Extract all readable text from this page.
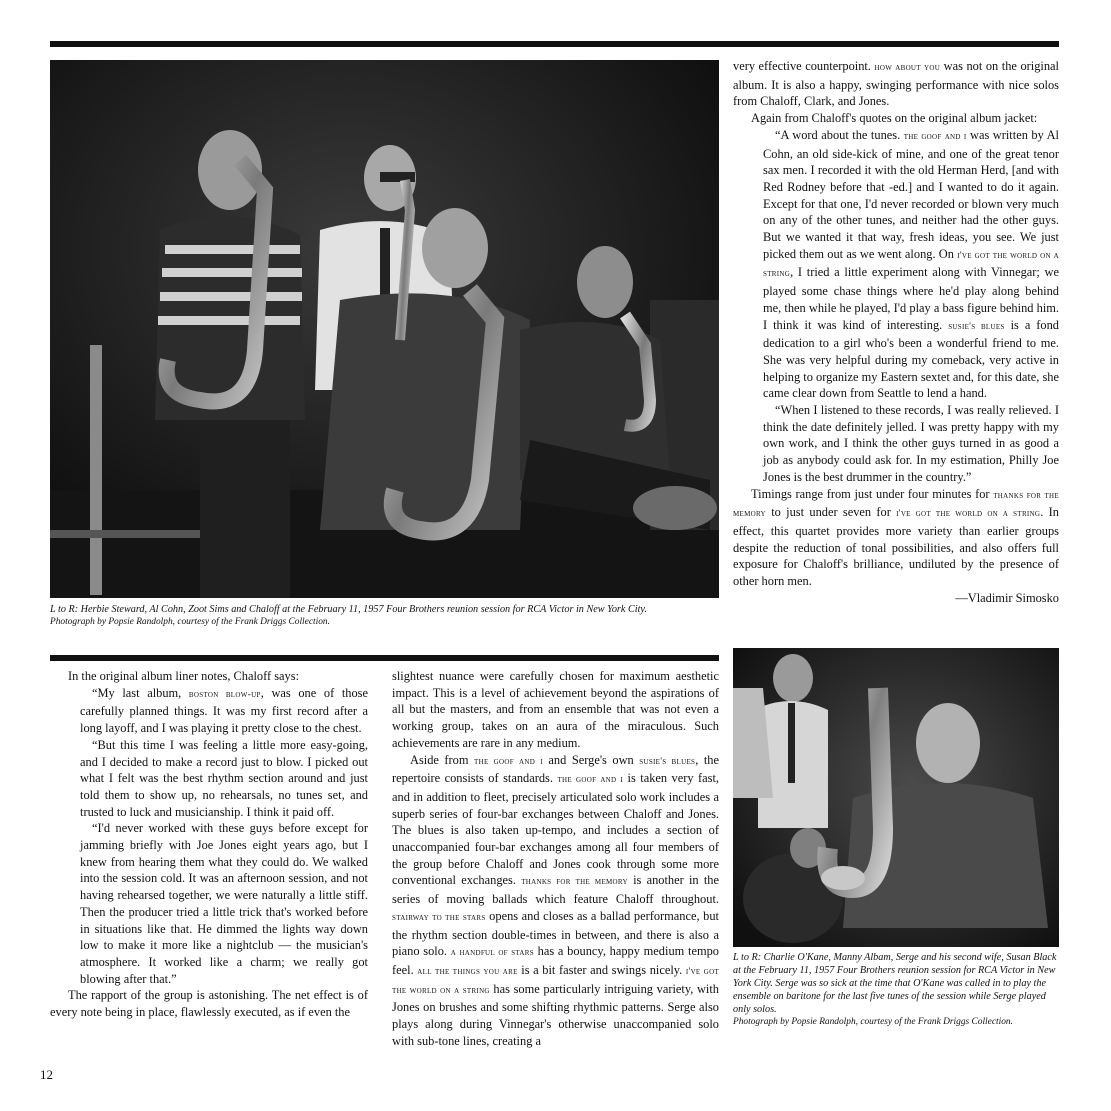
L to R: Herbie Steward, Al Cohn, Zoot Sims and Chaloff at the February 11, 1957 Four Brothers reunion session for RCA Victor in New York City.
Photograph by Popsie Randolph, courtesy of the Frank Driggs Collection.

very effective counterpoint. how about you was not on the original album. It is also a happy, swinging performance with nice solos from Chaloff, Clark, and Jones.

Again from Chaloff's quotes on the original album jacket:

“A word about the tunes. the goof and i was written by Al Cohn, an old side-kick of mine, and one of the great tenor sax men. I recorded it with the old Herman Herd, [and with Red Rodney before that -ed.] and I wanted to do it again. Except for that one, I'd never recorded or blown very much on any of the other tunes, and neither had the other guys. But we wanted it that way, fresh ideas, you see. We just picked them out as we went along. On i've got the world on a string, I tried a little experiment along with Vinnegar; we played some chase things where he'd play along behind me, then while he played, I'd play a bass figure behind him. I think it was kind of interesting. susie's blues is a fond dedication to a girl who's been a wonderful friend to me. She was very helpful during my comeback, very active in helping to organize my Eastern sextet and, for this date, she came clear down from Seattle to lend a hand.

“When I listened to these records, I was really relieved. I think the date definitely jelled. I was pretty happy with my own work, and I think the other guys turned in as good a job as anybody could ask for. In my estimation, Philly Joe Jones is the best drummer in the country.”

Timings range from just under four minutes for thanks for the memory to just under seven for i've got the world on a string. In effect, this quartet provides more variety than earlier groups despite the reduction of tonal possibilities, and also offers full exposure for Chaloff's brilliance, undiluted by the presence of other horn men.

—Vladimir Simosko

In the original album liner notes, Chaloff says:

“My last album, boston blow-up, was one of those carefully planned things. It was my first record after a long layoff, and I was playing it pretty close to the chest.

“But this time I was feeling a little more easy-going, and I decided to make a record just to blow. I picked out what I felt was the best rhythm section around and just told them to show up, no rehearsals, no tunes set, and trusted to luck and musicianship. I think it paid off.

“I'd never worked with these guys before except for jamming briefly with Joe Jones eight years ago, but I knew from hearing them what they could do. We walked into the session cold. It was an afternoon session, and not having rehearsed together, we were naturally a little stiff. Then the producer tried a little trick that's worked before in situations like that. He dimmed the lights way down low to make it more like a nightclub — the musician's atmosphere. It worked like a charm; we really got blowing after that.”

The rapport of the group is astonishing. The net effect is of every note being in place, flawlessly executed, as if even the

slightest nuance were carefully chosen for maximum aesthetic impact. This is a level of achievement beyond the aspirations of all but the masters, and from an ensemble that was not even a working group, takes on an aura of the miraculous. Such achievements are rare in any medium.

Aside from the goof and i and Serge's own susie's blues, the repertoire consists of standards. the goof and i is taken very fast, and in addition to fleet, precisely articulated solo work includes a superb series of four-bar exchanges between Chaloff and Jones. The blues is also taken up-tempo, and includes a section of unaccompanied four-bar exchanges among all four members of the group before Chaloff and Jones cook through some more conventional exchanges. thanks for the memory is another in the series of moving ballads which feature Chaloff throughout. stairway to the stars opens and closes as a ballad performance, but the rhythm section double-times in between, and there is also a piano solo. a handful of stars has a bouncy, happy medium tempo feel. all the things you are is a bit faster and swings nicely. i've got the world on a string has some particularly intriguing variety, with Jones on brushes and some shifting rhythmic patterns. Serge also plays along during Vinnegar's otherwise unaccompanied solo with sub-tone lines, creating a

L to R: Charlie O'Kane, Manny Albam, Serge and his second wife, Susan Black at the February 11, 1957 Four Brothers reunion session for RCA Victor in New York City. Serge was so sick at the time that O'Kane was called in to play the ensemble on baritone for the last five tunes of the session while Serge played only solos.
Photograph by Popsie Randolph, courtesy of the Frank Driggs Collection.
12
